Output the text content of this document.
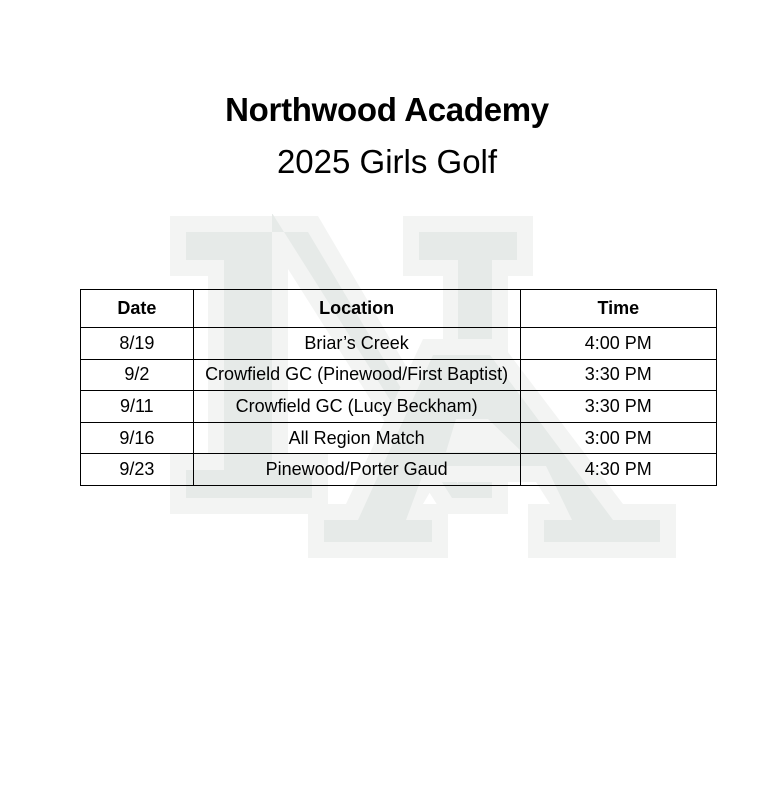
Northwood Academy
2025 Girls Golf
Date	Location	Time
8/19	Briar’s Creek	4:00 PM
9/2	Crowfield GC (Pinewood/First Baptist)	3:30 PM
9/11	Crowfield GC (Lucy Beckham)	3:30 PM
9/16	All Region Match	3:00 PM
9/23	Pinewood/Porter Gaud	4:30 PM
